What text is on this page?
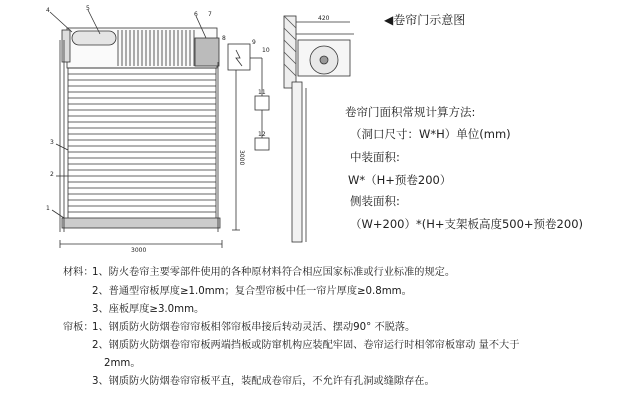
4	5
6 7
8
9
10
11
12
3
2
1
3000
3000
420	◀卷帘门示意图
卷帘门面积常规计算方法:
（洞口尺寸：W*H）单位(mm)
中装面积:
W*（H+预卷200）
侧装面积:
（W+200）*(H+支架板高度500+预卷200)
材料：
1、防火卷帘主要零部件使用的各种原材料符合相应国家标准或行业标准的规定。
2、普通型帘板厚度≥1.0mm；复合型帘板中任一帘片厚度≥0.8mm。
3、座板厚度≥3.0mm。
帘板：
1、钢质防火防烟卷帘帘板相邻帘板串接后转动灵活、摆动90° 不脱落。
2、钢质防火防烟卷帘帘板两端挡板或防窜机构应装配牢固、卷帘运行时相邻帘板窜动 量不大于
2mm。
3、钢质防火防烟卷帘帘板平直，装配成卷帘后，不允许有孔洞或缝隙存在。
